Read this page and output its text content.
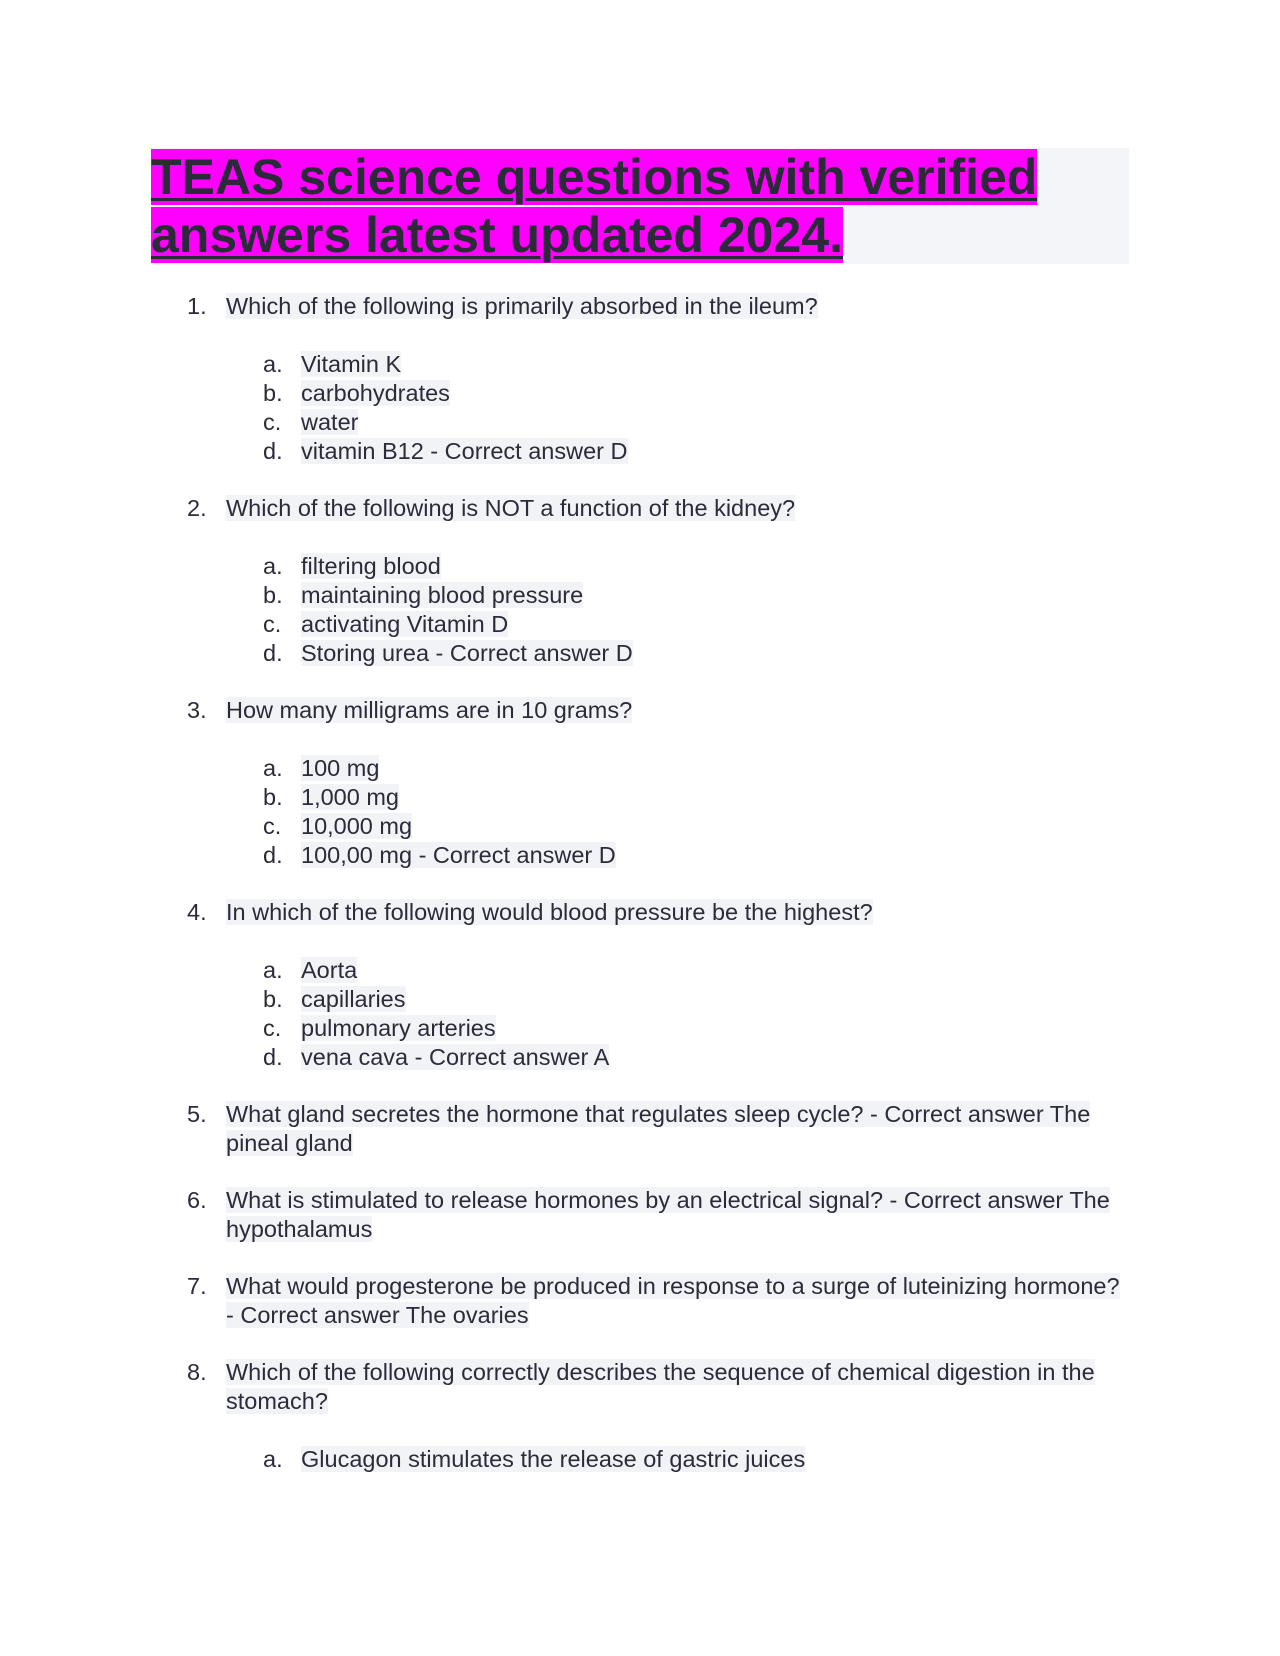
TEAS science questions with verified
answers latest updated 2024.
1. Which of the following is primarily absorbed in the ileum?
a. Vitamin K
b. carbohydrates
c. water
d. vitamin B12 - Correct answer D
2. Which of the following is NOT a function of the kidney?
a. filtering blood
b. maintaining blood pressure
c. activating Vitamin D
d. Storing urea - Correct answer D
3. How many milligrams are in 10 grams?
a. 100 mg
b. 1,000 mg
c. 10,000 mg
d. 100,00 mg - Correct answer D
4. In which of the following would blood pressure be the highest?
a. Aorta
b. capillaries
c. pulmonary arteries
d. vena cava - Correct answer A
5. What gland secretes the hormone that regulates sleep cycle? - Correct answer The pineal gland
6. What is stimulated to release hormones by an electrical signal? - Correct answer The hypothalamus
7. What would progesterone be produced in response to a surge of luteinizing hormone? - Correct answer The ovaries
8. Which of the following correctly describes the sequence of chemical digestion in the stomach?
a. Glucagon stimulates the release of gastric juices
